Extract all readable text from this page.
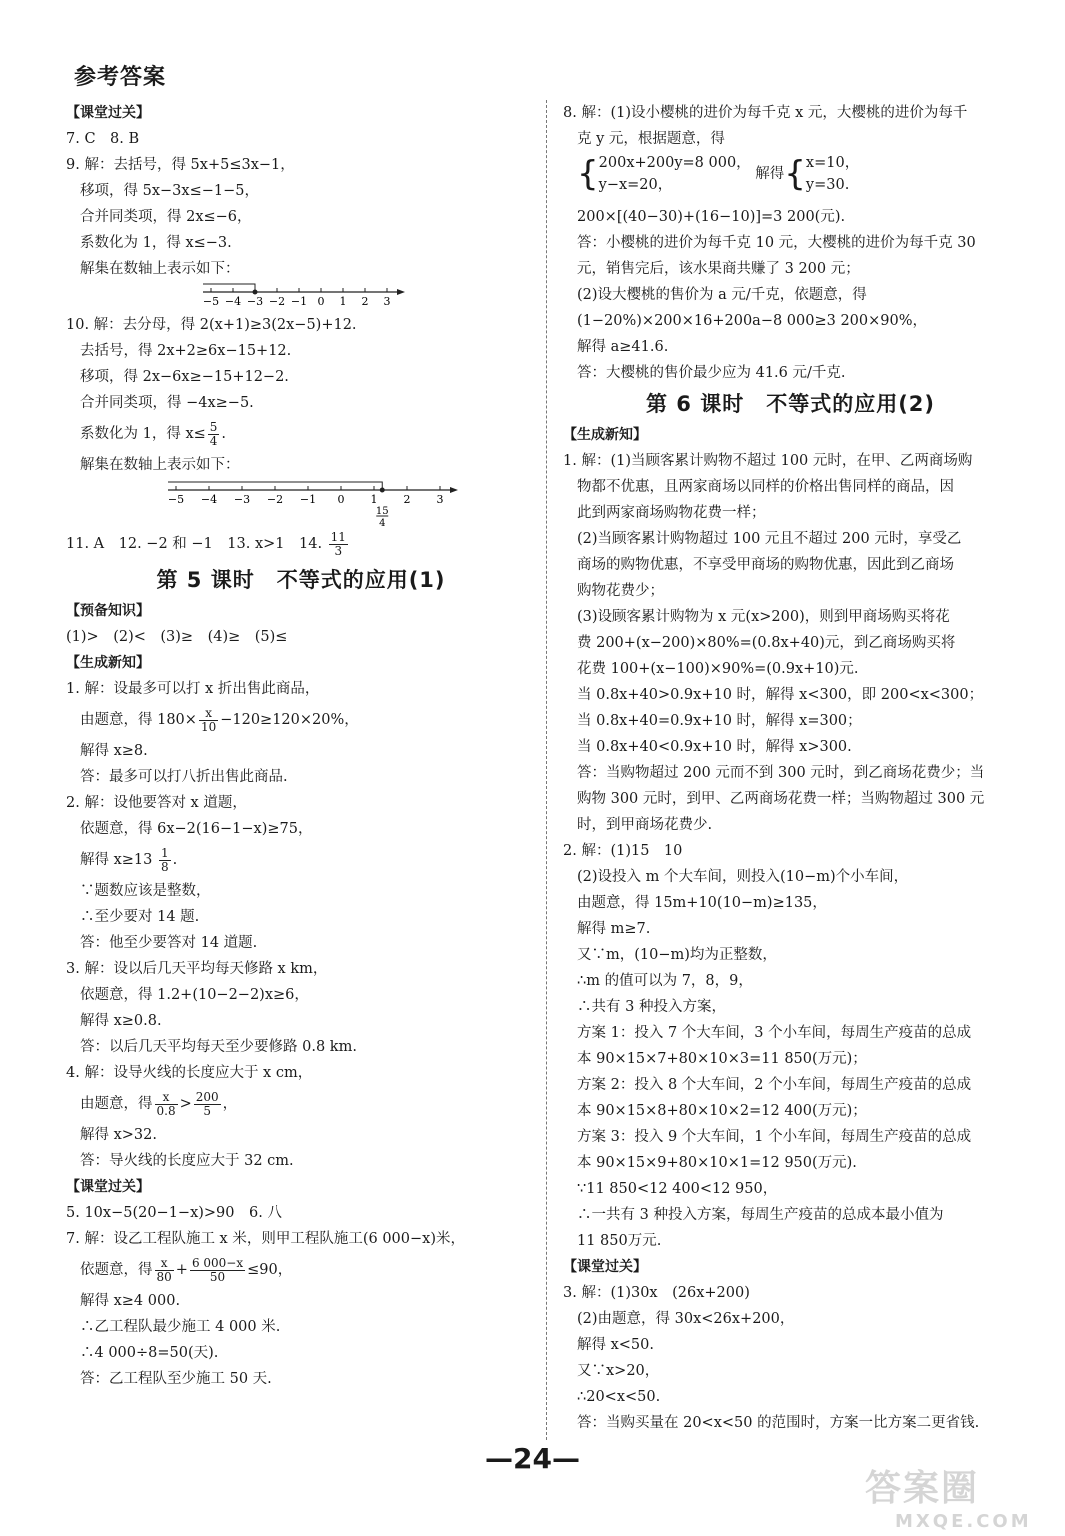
参考答案
【课堂过关】
7. C　8. B
9. 解：去括号，得 5x+5≤3x−1，
移项，得 5x−3x≤−1−5，
合并同类项，得 2x≤−6，
系数化为 1，得 x≤−3.
解集在数轴上表示如下：
−5 −4 −3 −2 −1 0 1 2 3
10. 解：去分母，得 2(x+1)≥3(2x−5)+12.
去括号，得 2x+2≥6x−15+12.
移项，得 2x−6x≥−15+12−2.
合并同类项，得 −4x≥−5.
系数化为 1，得 $x\le \frac{5}{4}$ .
解集在数轴上表示如下：
−5 −4 −3 −2 −1 0 1 2 3
15
4
11. A　12. −2 和 −1　13. x>1　14. $\frac{11}{3}$
第 5 课时　不等式的应用(1)
【预备知识】
(1)>　(2)<　(3)≥　(4)≥　(5)≤
【生成新知】
1. 解：设最多可以打 x 折出售此商品，
由题意，得 $180\times \frac{x}{10} -120\ge 120\times 20\%$，
解得 x≥8.
答：最多可以打八折出售此商品.
2. 解：设他要答对 x 道题，
依题意，得 6x−2(16−1−x)≥75，
解得 $x\ge 13 \frac{1}{8}$ .
∵题数应该是整数，
∴至少要对 14 题.
答：他至少要答对 14 道题.
3. 解：设以后几天平均每天修路 x km，
依题意，得 1.2+(10−2−2)x≥6，
解得 x≥0.8.
答：以后几天平均每天至少要修路 0.8 km.
4. 解：设导火线的长度应大于 x cm，
由题意，得 $\frac{x}{0.8} > \frac{200}{5}$ ，
解得 x>32.
答：导火线的长度应大于 32 cm.
【课堂过关】
5. 10x−5(20−1−x)>90　6. 八
7. 解：设乙工程队施工 x 米，则甲工程队施工(6 000−x)米，
依题意，得 $\frac{x}{80} + \frac{6 000-x}{50} \le 90$，
解得 x≥4 000.
∴乙工程队最少施工 4 000 米.
∴4 000÷8=50(天).
答：乙工程队至少施工 50 天.
8. 解：(1)设小樱桃的进价为每千克 x 元，大樱桃的进价为每千
克 y 元，根据题意，得
{ 200x+200y=8 000，
y−x=20，
解得{ x=10，
y=30.
200×[(40−30)+(16−10)]=3 200(元).
答：小樱桃的进价为每千克 10 元，大樱桃的进价为每千克 30
元，销售完后，该水果商共赚了 3 200 元；
(2)设大樱桃的售价为 a 元/千克，依题意，得
(1−20%)×200×16+200a−8 000≥3 200×90%，
解得 a≥41.6.
答：大樱桃的售价最少应为 41.6 元/千克.
第 6 课时　不等式的应用(2)
【生成新知】
1. 解：(1)当顾客累计购物不超过 100 元时，在甲、乙两商场购
物都不优惠，且两家商场以同样的价格出售同样的商品，因
此到两家商场购物花费一样；
(2)当顾客累计购物超过 100 元且不超过 200 元时，享受乙
商场的购物优惠，不享受甲商场的购物优惠，因此到乙商场
购物花费少；
(3)设顾客累计购物为 x 元(x>200)，则到甲商场购买将花
费 200+(x−200)×80%=(0.8x+40)元，到乙商场购买将
花费 100+(x−100)×90%=(0.9x+10)元.
当 0.8x+40>0.9x+10 时，解得 x<300，即 200<x<300；
当 0.8x+40=0.9x+10 时，解得 x=300；
当 0.8x+40<0.9x+10 时，解得 x>300.
答：当购物超过 200 元而不到 300 元时，到乙商场花费少；当
购物 300 元时，到甲、乙两商场花费一样；当购物超过 300 元
时，到甲商场花费少.
2. 解：(1)15　10
(2)设投入 m 个大车间，则投入(10−m)个小车间，
由题意，得 15m+10(10−m)≥135，
解得 m≥7.
又∵m，(10−m)均为正整数，
∴m 的值可以为 7，8，9，
∴共有 3 种投入方案，
方案 1：投入 7 个大车间，3 个小车间，每周生产疫苗的总成
本 90×15×7+80×10×3=11 850(万元)；
方案 2：投入 8 个大车间，2 个小车间，每周生产疫苗的总成
本 90×15×8+80×10×2=12 400(万元)；
方案 3：投入 9 个大车间，1 个小车间，每周生产疫苗的总成
本 90×15×9+80×10×1=12 950(万元).
∵11 850<12 400<12 950，
∴一共有 3 种投入方案，每周生产疫苗的总成本最小值为
11 850万元.
【课堂过关】
3. 解：(1)30x　(26x+200)
(2)由题意，得 30x<26x+200，
解得 x<50.
又∵x>20，
∴20<x<50.
答：当购买量在 20<x<50 的范围时，方案一比方案二更省钱.
—24—
答案圈
MXQE.COM
